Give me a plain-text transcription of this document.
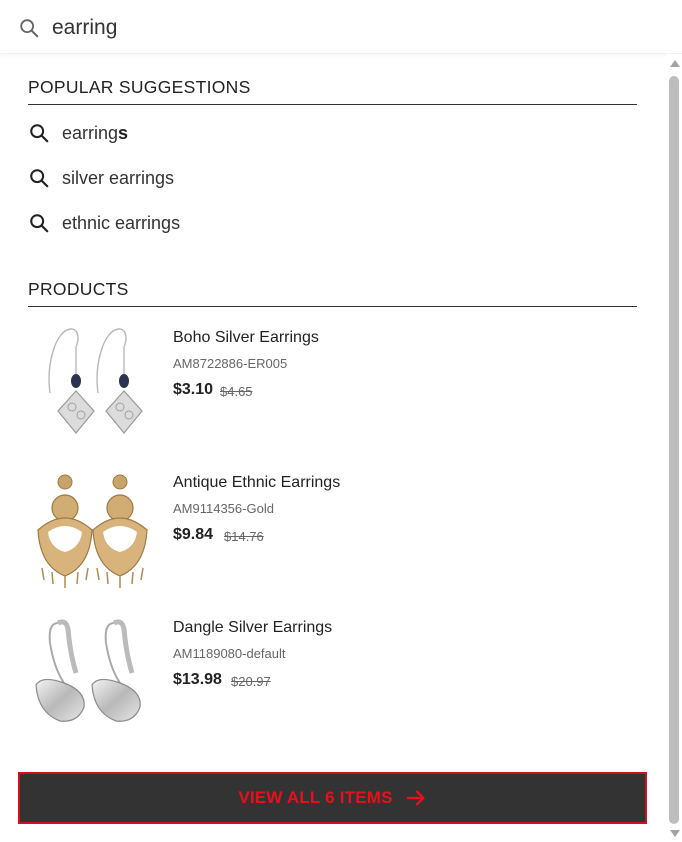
earring
POPULAR SUGGESTIONS
earrings
silver earrings
ethnic earrings
PRODUCTS
Boho Silver Earrings
AM8722886-ER005
$3.10 $4.65
Antique Ethnic Earrings
AM9114356-Gold
$9.84 $14.76
Dangle Silver Earrings
AM1189080-default
$13.98 $20.97
VIEW ALL 6 ITEMS
